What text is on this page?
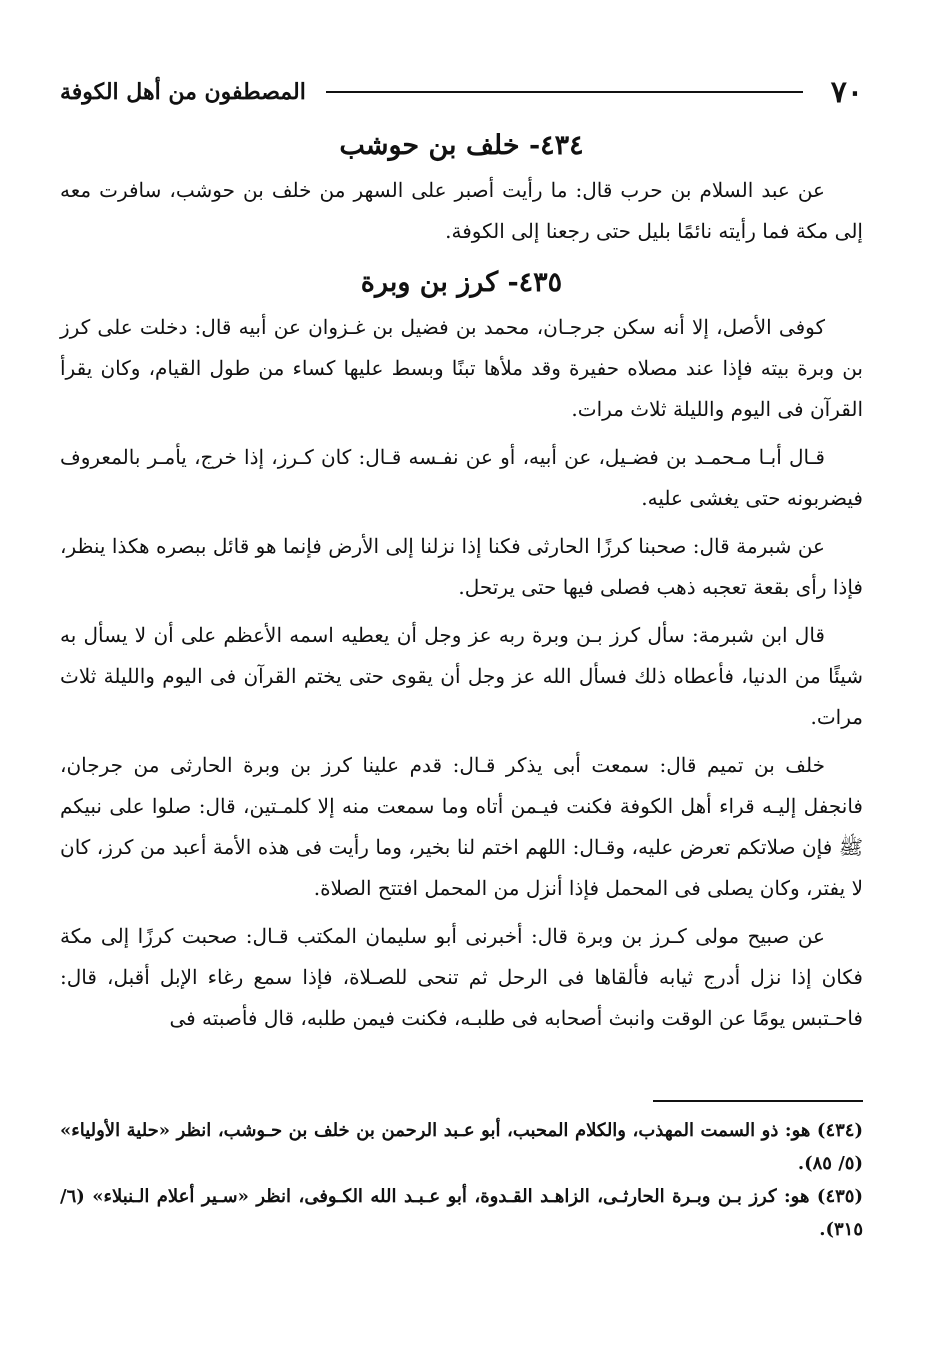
٧٠
المصطفون من أهل الكوفة
٤٣٤- خلف بن حوشب

عن عبد السلام بن حرب قال: ما رأيت أصبر على السهر من خلف بن حوشب، سافرت معه إلى مكة فما رأيته نائمًا بليل حتى رجعنا إلى الكوفة.

٤٣٥- كرز بن وبرة

كوفى الأصل، إلا أنه سكن جرجـان، محمد بن فضيل بن غـزوان عن أبيه قال: دخلت على كرز بن وبرة بيته فإذا عند مصلاه حفيرة وقد ملأها تبنًا وبسط عليها كساء من طول القيام، وكان يقرأ القرآن فى اليوم والليلة ثلاث مرات.

قـال أبـا مـحمـد بن فضـيل، عن أبيه، أو عن نفـسه قـال: كان كـرز، إذا خرج، يأمـر بالمعروف فيضربونه حتى يغشى عليه.

عن شبرمة قال: صحبنا كرزًا الحارثى فكنا إذا نزلنا إلى الأرض فإنما هو قائل ببصره هكذا ينظر، فإذا رأى بقعة تعجبه ذهب فصلى فيها حتى يرتحل.

قال ابن شبرمة: سأل كرز بـن وبرة ربه عز وجل أن يعطيه اسمه الأعظم على أن لا يسأل به شيئًا من الدنيا، فأعطاه ذلك فسأل الله عز وجل أن يقوى حتى يختم القرآن فى اليوم والليلة ثلاث مرات.

خلف بن تميم قال: سمعت أبى يذكر قـال: قدم علينا كرز بن وبرة الحارثى من جرجان، فانجفل إليـه قراء أهل الكوفة فكنت فيـمن أتاه وما سمعت منه إلا كلمـتين، قال: صلوا على نبيكم ﷺ فإن صلاتكم تعرض عليه، وقـال: اللهم اختم لنا بخير، وما رأيت فى هذه الأمة أعبد من كرز، كان لا يفتر، وكان يصلى فى المحمل فإذا أنزل من المحمل افتتح الصلاة.

عن صبيح مولى كـرز بن وبرة قال: أخبرنى أبو سليمان المكتب قـال: صحبت كرزًا إلى مكة فكان إذا نزل أدرج ثيابه فألقاها فى الرحل ثم تنحى للصـلاة، فإذا سمع رغاء الإبل أقبل، قال: فاحـتبس يومًا عن الوقت وانبث أصحابه فى طلبـه، فكنت فيمن طلبه، قال فأصبته فى

(٤٣٤) هو: ذو السمت المهذب، والكلام المحبب، أبو عـبد الرحمن بن خلف بن حـوشب، انظر «حلية الأولياء» (٥/ ٨٥).

(٤٣٥) هو: كرز بـن وبـرة الحارثـى، الزاهـد القـدوة، أبو عـبـد الله الكـوفى، انظر «سـير أعلام الـنبلاء» (٦/ ٣١٥).
